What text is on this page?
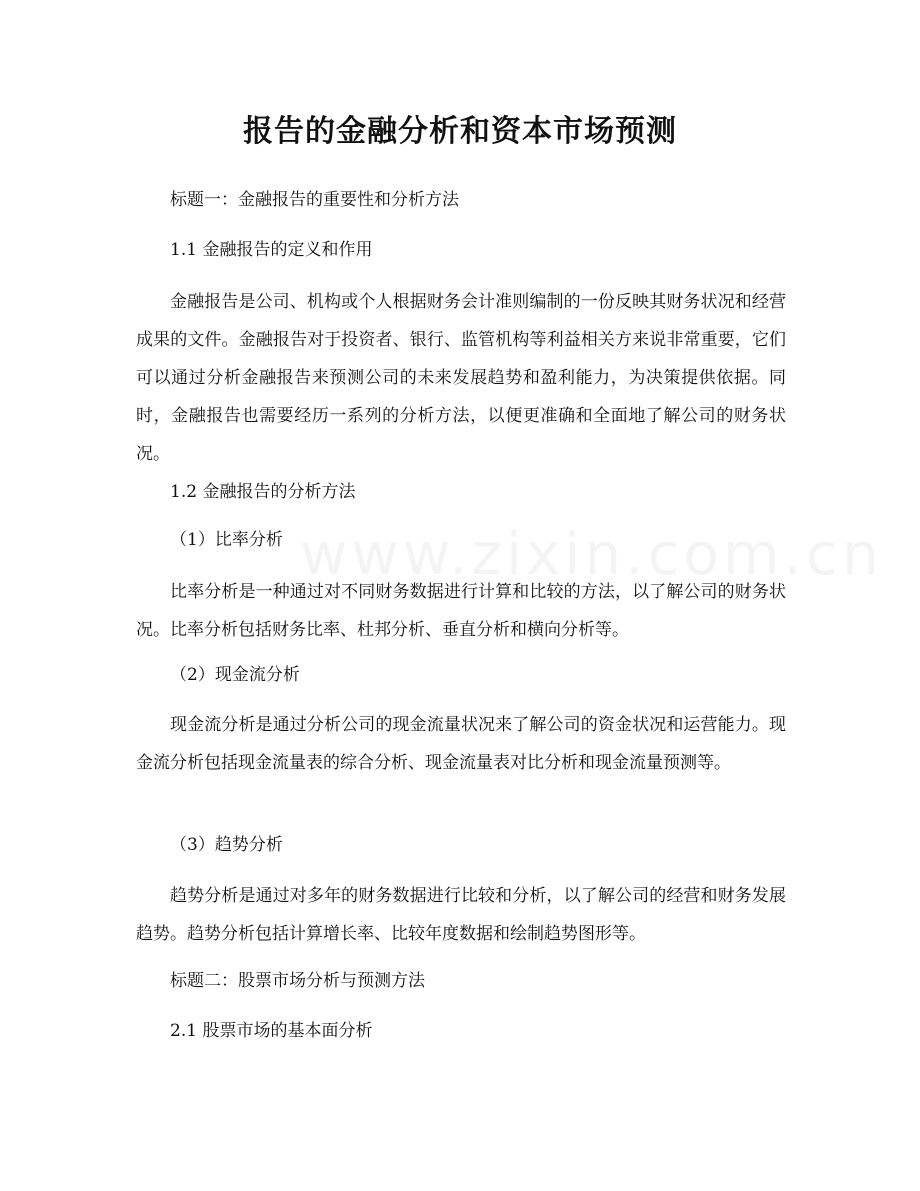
报告的金融分析和资本市场预测
标题一：金融报告的重要性和分析方法
1.1 金融报告的定义和作用
金融报告是公司、机构或个人根据财务会计准则编制的一份反映其财务状况和经营成果的文件。金融报告对于投资者、银行、监管机构等利益相关方来说非常重要，它们可以通过分析金融报告来预测公司的未来发展趋势和盈利能力，为决策提供依据。同时，金融报告也需要经历一系列的分析方法，以便更准确和全面地了解公司的财务状况。
1.2 金融报告的分析方法
（1）比率分析
比率分析是一种通过对不同财务数据进行计算和比较的方法，以了解公司的财务状况。比率分析包括财务比率、杜邦分析、垂直分析和横向分析等。
（2）现金流分析
现金流分析是通过分析公司的现金流量状况来了解公司的资金状况和运营能力。现金流分析包括现金流量表的综合分析、现金流量表对比分析和现金流量预测等。
（3）趋势分析
趋势分析是通过对多年的财务数据进行比较和分析，以了解公司的经营和财务发展趋势。趋势分析包括计算增长率、比较年度数据和绘制趋势图形等。
标题二：股票市场分析与预测方法
2.1 股票市场的基本面分析
